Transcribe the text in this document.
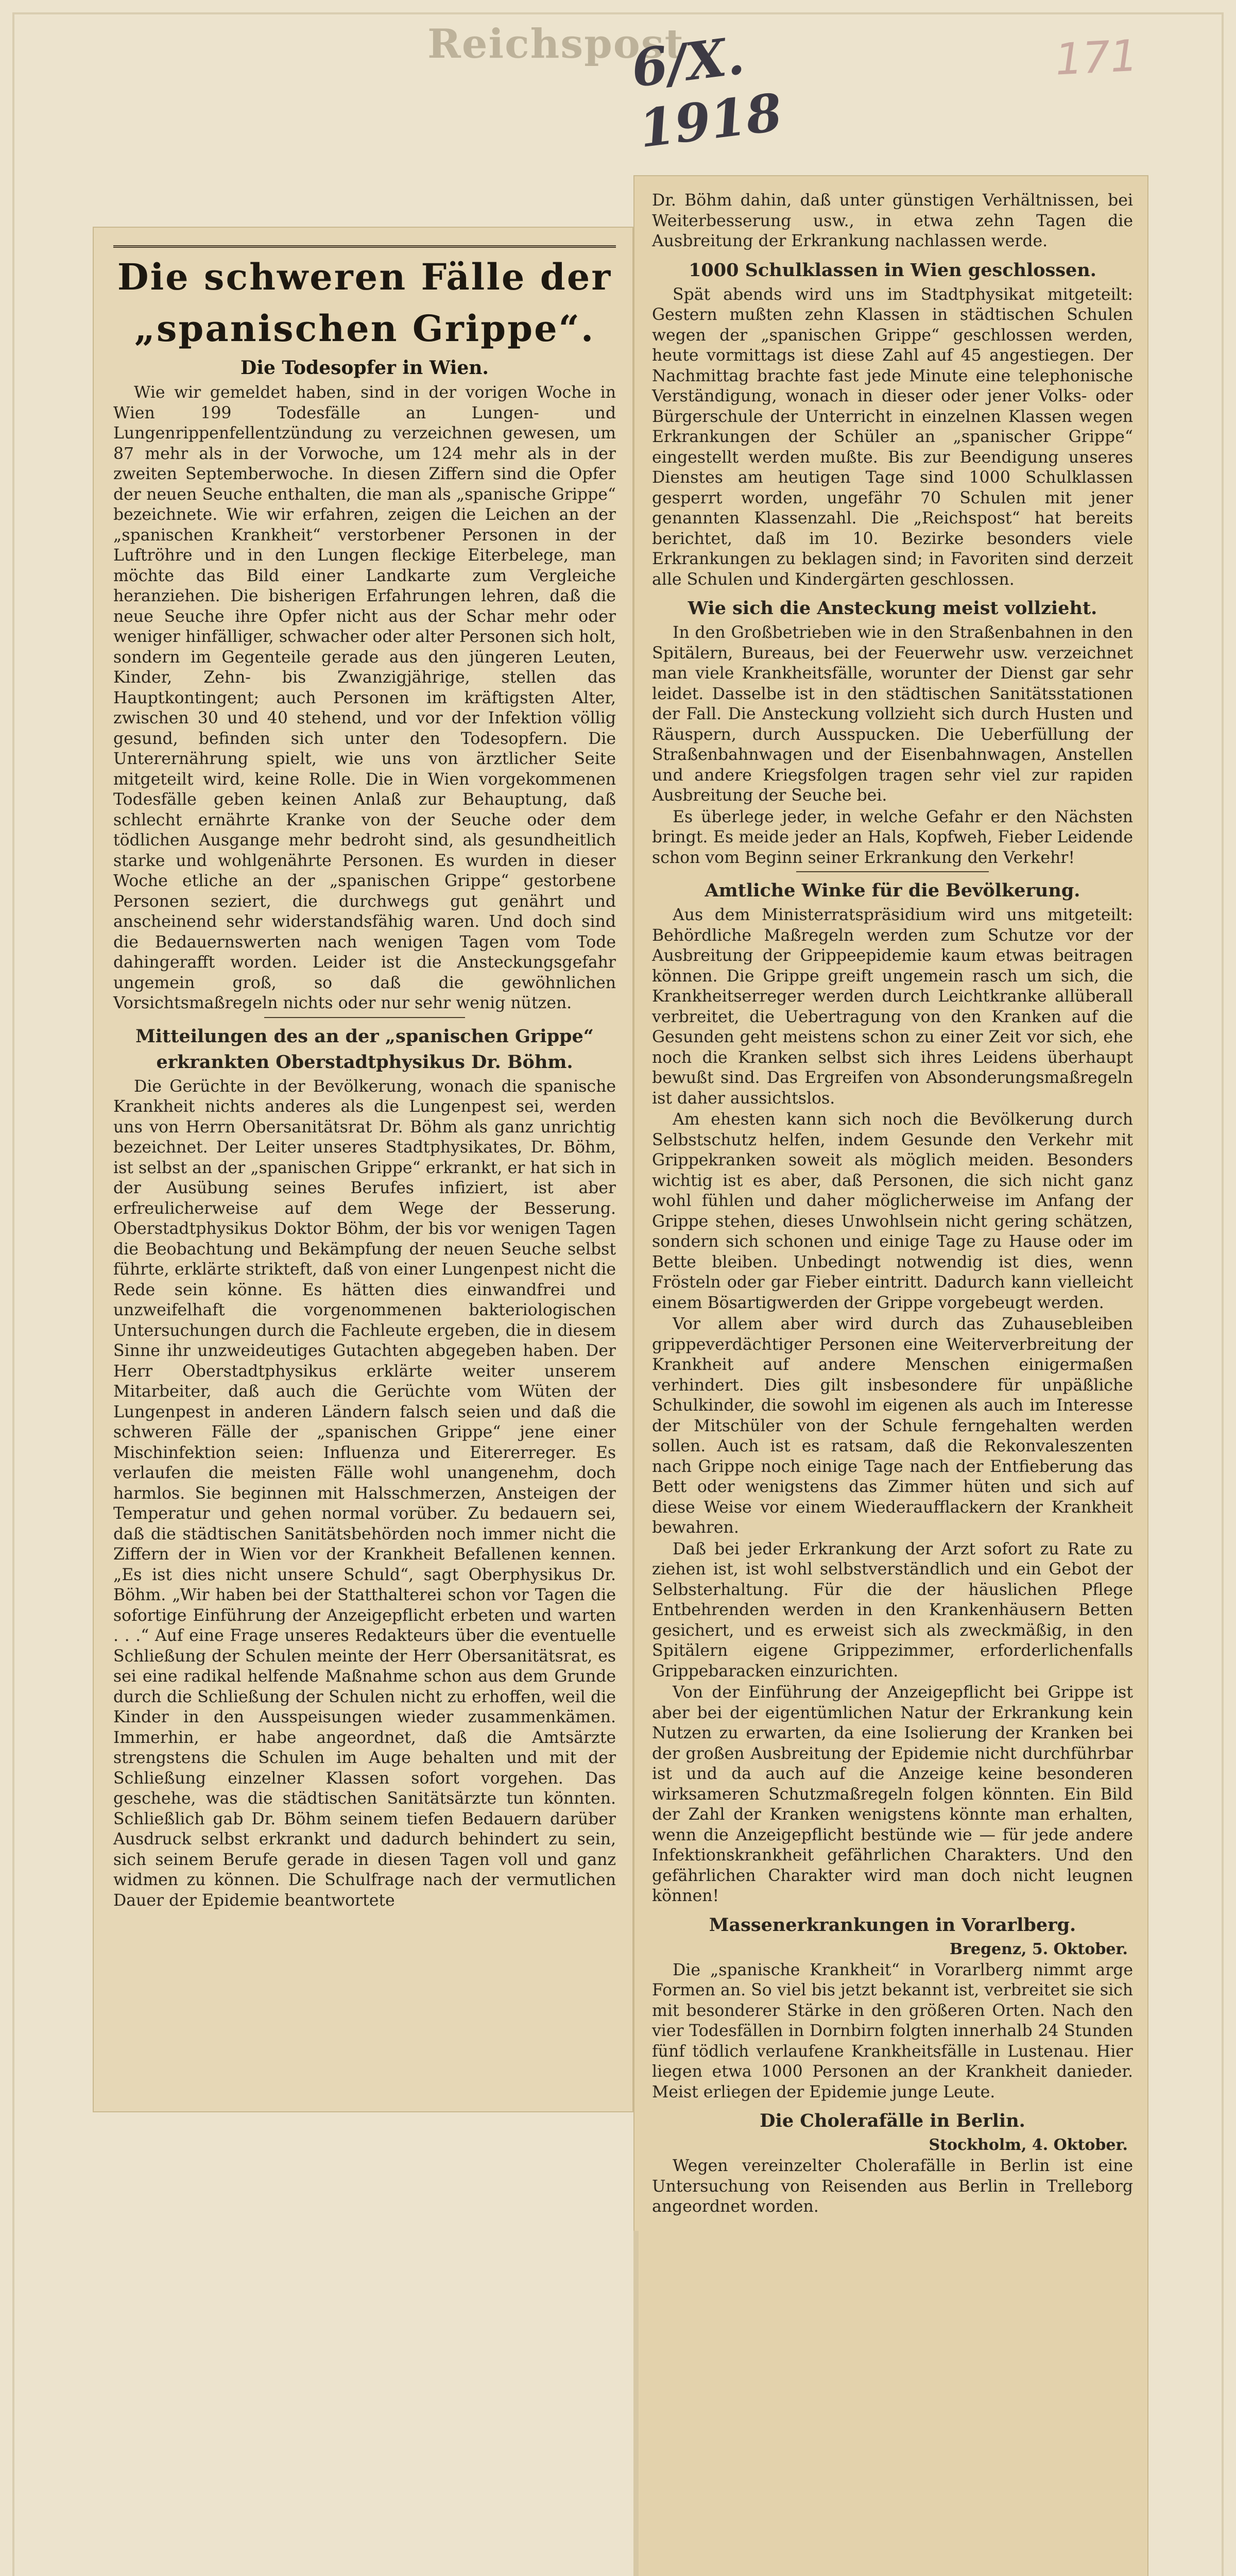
Reichspost
6/X. 1918
171
Die schweren Fälle der
„spanischen Grippe“.
Die Todesopfer in Wien.

Wie wir gemeldet haben, sind in der vorigen Woche in Wien 199 Todesfälle an Lungen- und Lungenrippenfellentzündung zu verzeichnen gewesen, um 87 mehr als in der Vorwoche, um 124 mehr als in der zweiten Septemberwoche. In diesen Ziffern sind die Opfer der neuen Seuche enthalten, die man als „spanische Grippe“ bezeichnete. Wie wir erfahren, zeigen die Leichen an der „spanischen Krankheit“ verstorbener Personen in der Luftröhre und in den Lungen fleckige Eiterbelege, man möchte das Bild einer Landkarte zum Vergleiche heranziehen. Die bisherigen Erfahrungen lehren, daß die neue Seuche ihre Opfer nicht aus der Schar mehr oder weniger hinfälliger, schwacher oder alter Personen sich holt, sondern im Gegenteile gerade aus den jüngeren Leuten, Kinder, Zehn- bis Zwanzigjährige, stellen das Hauptkontingent; auch Personen im kräftigsten Alter, zwischen 30 und 40 stehend, und vor der Infektion völlig gesund, befinden sich unter den Todesopfern. Die Unterernährung spielt, wie uns von ärztlicher Seite mitgeteilt wird, keine Rolle. Die in Wien vorgekommenen Todesfälle geben keinen Anlaß zur Behauptung, daß schlecht ernährte Kranke von der Seuche oder dem tödlichen Ausgange mehr bedroht sind, als gesundheitlich starke und wohlgenährte Personen. Es wurden in dieser Woche etliche an der „spanischen Grippe“ gestorbene Personen seziert, die durchwegs gut genährt und anscheinend sehr widerstandsfähig waren. Und doch sind die Bedauernswerten nach wenigen Tagen vom Tode dahingerafft worden. Leider ist die Ansteckungsgefahr ungemein groß, so daß die gewöhnlichen Vorsichtsmaßregeln nichts oder nur sehr wenig nützen.

Mitteilungen des an der „spanischen Grippe“
erkrankten Oberstadtphysikus Dr. Böhm.

Die Gerüchte in der Bevölkerung, wonach die spanische Krankheit nichts anderes als die Lungenpest sei, werden uns von Herrn Obersanitätsrat Dr. Böhm als ganz unrichtig bezeichnet. Der Leiter unseres Stadtphysikates, Dr. Böhm, ist selbst an der „spanischen Grippe“ erkrankt, er hat sich in der Ausübung seines Berufes infiziert, ist aber erfreulicherweise auf dem Wege der Besserung. Oberstadtphysikus Doktor Böhm, der bis vor wenigen Tagen die Beobachtung und Bekämpfung der neuen Seuche selbst führte, erklärte strikteft, daß von einer Lungenpest nicht die Rede sein könne. Es hätten dies einwandfrei und unzweifelhaft die vorgenommenen bakteriologischen Untersuchungen durch die Fachleute ergeben, die in diesem Sinne ihr unzweideutiges Gutachten abgegeben haben. Der Herr Oberstadtphysikus erklärte weiter unserem Mitarbeiter, daß auch die Gerüchte vom Wüten der Lungenpest in anderen Ländern falsch seien und daß die schweren Fälle der „spanischen Grippe“ jene einer Mischinfektion seien: Influenza und Eitererreger. Es verlaufen die meisten Fälle wohl unangenehm, doch harmlos. Sie beginnen mit Halsschmerzen, Ansteigen der Temperatur und gehen normal vorüber. Zu bedauern sei, daß die städtischen Sanitätsbehörden noch immer nicht die Ziffern der in Wien vor der Krankheit Befallenen kennen. „Es ist dies nicht unsere Schuld“, sagt Oberphysikus Dr. Böhm. „Wir haben bei der Statthalterei schon vor Tagen die sofortige Einführung der Anzeigepflicht erbeten und warten . . .“ Auf eine Frage unseres Redakteurs über die eventuelle Schließung der Schulen meinte der Herr Obersanitätsrat, es sei eine radikal helfende Maßnahme schon aus dem Grunde durch die Schließung der Schulen nicht zu erhoffen, weil die Kinder in den Ausspeisungen wieder zusammenkämen. Immerhin, er habe angeordnet, daß die Amtsärzte strengstens die Schulen im Auge behalten und mit der Schließung einzelner Klassen sofort vorgehen. Das geschehe, was die städtischen Sanitätsärzte tun könnten. Schließlich gab Dr. Böhm seinem tiefen Bedauern darüber Ausdruck selbst erkrankt und dadurch behindert zu sein, sich seinem Berufe gerade in diesen Tagen voll und ganz widmen zu können. Die Schulfrage nach der vermutlichen Dauer der Epidemie beantwortete

Dr. Böhm dahin, daß unter günstigen Verhältnissen, bei Weiterbesserung usw., in etwa zehn Tagen die Ausbreitung der Erkrankung nachlassen werde.

1000 Schulklassen in Wien geschlossen.

Spät abends wird uns im Stadtphysikat mitgeteilt: Gestern mußten zehn Klassen in städtischen Schulen wegen der „spanischen Grippe“ geschlossen werden, heute vormittags ist diese Zahl auf 45 angestiegen. Der Nachmittag brachte fast jede Minute eine telephonische Verständigung, wonach in dieser oder jener Volks- oder Bürgerschule der Unterricht in einzelnen Klassen wegen Erkrankungen der Schüler an „spanischer Grippe“ eingestellt werden mußte. Bis zur Beendigung unseres Dienstes am heutigen Tage sind 1000 Schulklassen gesperrt worden, ungefähr 70 Schulen mit jener genannten Klassenzahl. Die „Reichspost“ hat bereits berichtet, daß im 10. Bezirke besonders viele Erkrankungen zu beklagen sind; in Favoriten sind derzeit alle Schulen und Kindergärten geschlossen.

Wie sich die Ansteckung meist vollzieht.

In den Großbetrieben wie in den Straßenbahnen in den Spitälern, Bureaus, bei der Feuerwehr usw. verzeichnet man viele Krankheitsfälle, worunter der Dienst gar sehr leidet. Dasselbe ist in den städtischen Sanitätsstationen der Fall. Die Ansteckung vollzieht sich durch Husten und Räuspern, durch Ausspucken. Die Ueberfüllung der Straßenbahnwagen und der Eisenbahnwagen, Anstellen und andere Kriegsfolgen tragen sehr viel zur rapiden Ausbreitung der Seuche bei.

Es überlege jeder, in welche Gefahr er den Nächsten bringt. Es meide jeder an Hals, Kopfweh, Fieber Leidende schon vom Beginn seiner Erkrankung den Verkehr!

Amtliche Winke für die Bevölkerung.

Aus dem Ministerratspräsidium wird uns mitgeteilt: Behördliche Maßregeln werden zum Schutze vor der Ausbreitung der Grippeepidemie kaum etwas beitragen können. Die Grippe greift ungemein rasch um sich, die Krankheitserreger werden durch Leichtkranke allüberall verbreitet, die Uebertragung von den Kranken auf die Gesunden geht meistens schon zu einer Zeit vor sich, ehe noch die Kranken selbst sich ihres Leidens überhaupt bewußt sind. Das Ergreifen von Absonderungsmaßregeln ist daher aussichtslos.

Am ehesten kann sich noch die Bevölkerung durch Selbstschutz helfen, indem Gesunde den Verkehr mit Grippekranken soweit als möglich meiden. Besonders wichtig ist es aber, daß Personen, die sich nicht ganz wohl fühlen und daher möglicherweise im Anfang der Grippe stehen, dieses Unwohlsein nicht gering schätzen, sondern sich schonen und einige Tage zu Hause oder im Bette bleiben. Unbedingt notwendig ist dies, wenn Frösteln oder gar Fieber eintritt. Dadurch kann vielleicht einem Bösartigwerden der Grippe vorgebeugt werden.

Vor allem aber wird durch das Zuhausebleiben grippeverdächtiger Personen eine Weiterverbreitung der Krankheit auf andere Menschen einigermaßen verhindert. Dies gilt insbesondere für unpäßliche Schulkinder, die sowohl im eigenen als auch im Interesse der Mitschüler von der Schule ferngehalten werden sollen. Auch ist es ratsam, daß die Rekonvaleszenten nach Grippe noch einige Tage nach der Entfieberung das Bett oder wenigstens das Zimmer hüten und sich auf diese Weise vor einem Wiederaufflackern der Krankheit bewahren.

Daß bei jeder Erkrankung der Arzt sofort zu Rate zu ziehen ist, ist wohl selbstverständlich und ein Gebot der Selbsterhaltung. Für die der häuslichen Pflege Entbehrenden werden in den Krankenhäusern Betten gesichert, und es erweist sich als zweckmäßig, in den Spitälern eigene Grippezimmer, erforderlichenfalls Grippebaracken einzurichten.

Von der Einführung der Anzeigepflicht bei Grippe ist aber bei der eigentümlichen Natur der Erkrankung kein Nutzen zu erwarten, da eine Isolierung der Kranken bei der großen Ausbreitung der Epidemie nicht durchführbar ist und da auch auf die Anzeige keine besonderen wirksameren Schutzmaßregeln folgen könnten. Ein Bild der Zahl der Kranken wenigstens könnte man erhalten, wenn die Anzeigepflicht bestünde wie — für jede andere Infektionskrankheit gefährlichen Charakters. Und den gefährlichen Charakter wird man doch nicht leugnen können!

Massenerkrankungen in Vorarlberg.
Bregenz, 5. Oktober.

Die „spanische Krankheit“ in Vorarlberg nimmt arge Formen an. So viel bis jetzt bekannt ist, verbreitet sie sich mit besonderer Stärke in den größeren Orten. Nach den vier Todesfällen in Dornbirn folgten innerhalb 24 Stunden fünf tödlich verlaufene Krankheitsfälle in Lustenau. Hier liegen etwa 1000 Personen an der Krankheit danieder. Meist erliegen der Epidemie junge Leute.

Die Cholerafälle in Berlin.
Stockholm, 4. Oktober.

Wegen vereinzelter Cholerafälle in Berlin ist eine Untersuchung von Reisenden aus Berlin in Trelleborg angeordnet worden.
